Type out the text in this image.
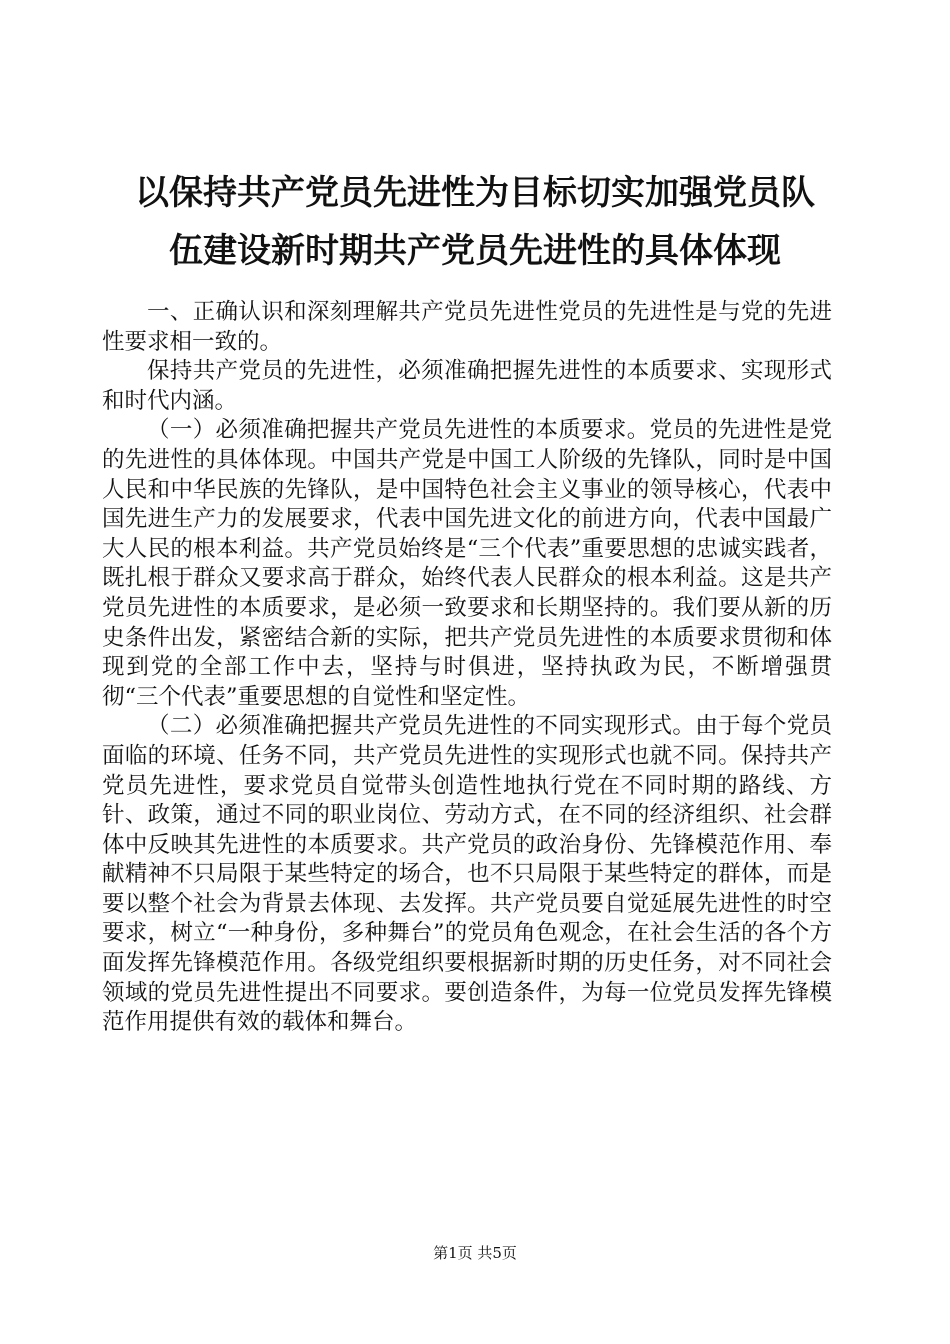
以保持共产党员先进性为目标切实加强党员队
伍建设新时期共产党员先进性的具体体现

一、正确认识和深刻理解共产党员先进性党员的先进性是与党的先进性要求相一致的。

保持共产党员的先进性，必须准确把握先进性的本质要求、实现形式和时代内涵。

（一）必须准确把握共产党员先进性的本质要求。党员的先进性是党的先进性的具体体现。中国共产党是中国工人阶级的先锋队，同时是中国人民和中华民族的先锋队，是中国特色社会主义事业的领导核心，代表中国先进生产力的发展要求，代表中国先进文化的前进方向，代表中国最广大人民的根本利益。共产党员始终是“三个代表”重要思想的忠诚实践者，既扎根于群众又要求高于群众，始终代表人民群众的根本利益。这是共产党员先进性的本质要求，是必须一致要求和长期坚持的。我们要从新的历史条件出发，紧密结合新的实际，把共产党员先进性的本质要求贯彻和体现到党的全部工作中去，坚持与时俱进，坚持执政为民，不断增强贯彻“三个代表”重要思想的自觉性和坚定性。

（二）必须准确把握共产党员先进性的不同实现形式。由于每个党员面临的环境、任务不同，共产党员先进性的实现形式也就不同。保持共产党员先进性，要求党员自觉带头创造性地执行党在不同时期的路线、方针、政策，通过不同的职业岗位、劳动方式，在不同的经济组织、社会群体中反映其先进性的本质要求。共产党员的政治身份、先锋模范作用、奉献精神不只局限于某些特定的场合，也不只局限于某些特定的群体，而是要以整个社会为背景去体现、去发挥。共产党员要自觉延展先进性的时空要求，树立“一种身份，多种舞台”的党员角色观念，在社会生活的各个方面发挥先锋模范作用。各级党组织要根据新时期的历史任务，对不同社会领域的党员先进性提出不同要求。要创造条件，为每一位党员发挥先锋模范作用提供有效的载体和舞台。

第1页 共5页
